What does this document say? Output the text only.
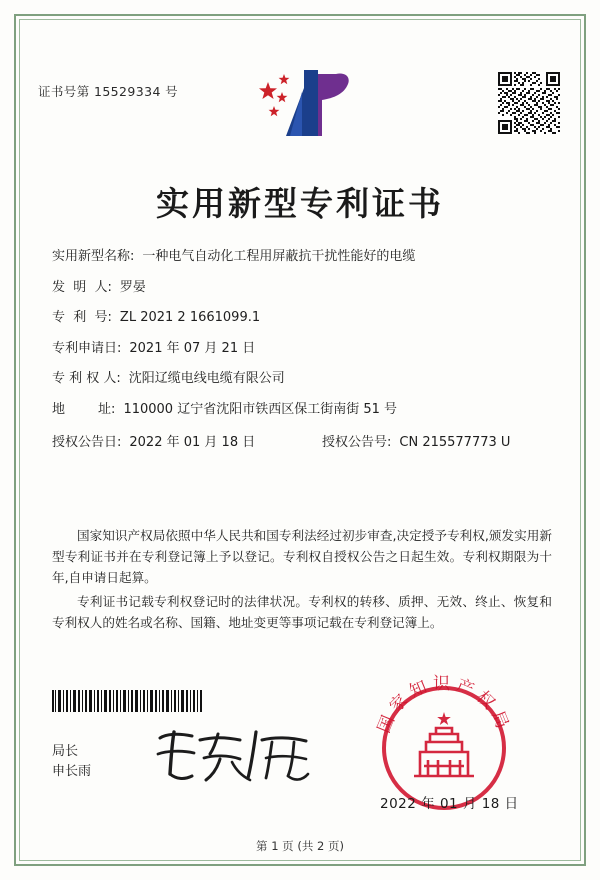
证书号第 15529334 号
实用新型专利证书
实用新型名称: 一种电气自动化工程用屏蔽抗干扰性能好的电缆
发  明  人: 罗晏
专  利  号: ZL 2021 2 1661099.1
专利申请日: 2021 年 07 月 21 日
专 利 权 人: 沈阳辽缆电线电缆有限公司
地        址: 110000 辽宁省沈阳市铁西区保工街南街 51 号
授权公告日: 2022 年 01 月 18 日	授权公告号: CN 215577773 U

国家知识产权局依照中华人民共和国专利法经过初步审查,决定授予专利权,颁发实用新型专利证书并在专利登记簿上予以登记。专利权自授权公告之日起生效。专利权期限为十年,自申请日起算。

专利证书记载专利权登记时的法律状况。专利权的转移、质押、无效、终止、恢复和专利权人的姓名或名称、国籍、地址变更等事项记载在专利登记簿上。

局长
申长雨
国家知识产权局
2022 年 01 月 18 日
第 1 页 (共 2 页)
